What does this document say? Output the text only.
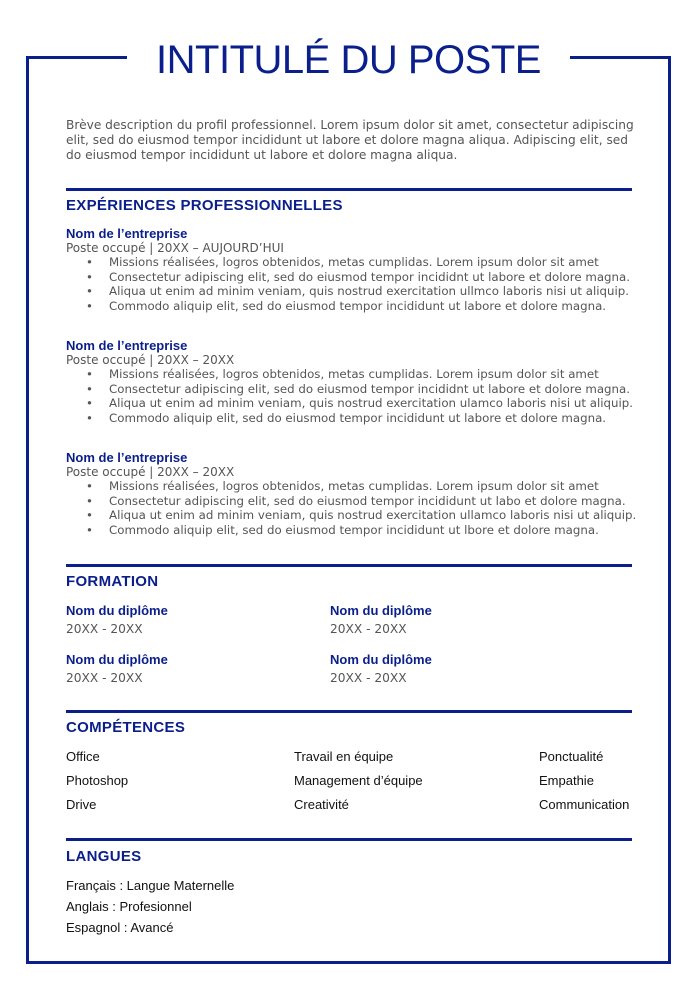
INTITULÉ DU POSTE
Brève description du profil professionnel. Lorem ipsum dolor sit amet, consectetur adipiscing elit, sed do eiusmod tempor incididunt ut labore et dolore magna aliqua. Adipiscing elit, sed do eiusmod tempor incididunt ut labore et dolore magna aliqua.
EXPÉRIENCES PROFESSIONNELLES
Nom de l’entreprise
Poste occupé | 20XX – AUJOURD’HUI
• Missions réalisées, logros obtenidos, metas cumplidas. Lorem ipsum dolor sit amet
• Consectetur adipiscing elit, sed do eiusmod tempor incididnt ut labore et dolore magna.
• Aliqua ut enim ad minim veniam, quis nostrud exercitation ullmco laboris nisi ut aliquip.
• Commodo aliquip elit, sed do eiusmod tempor incididunt ut labore et dolore magna.
Nom de l’entreprise
Poste occupé | 20XX – 20XX
• Missions réalisées, logros obtenidos, metas cumplidas. Lorem ipsum dolor sit amet
• Consectetur adipiscing elit, sed do eiusmod tempor incididnt ut labore et dolore magna.
• Aliqua ut enim ad minim veniam, quis nostrud exercitation ulamco laboris nisi ut aliquip.
• Commodo aliquip elit, sed do eiusmod tempor incididunt ut labore et dolore magna.
Nom de l’entreprise
Poste occupé | 20XX – 20XX
• Missions réalisées, logros obtenidos, metas cumplidas. Lorem ipsum dolor sit amet
• Consectetur adipiscing elit, sed do eiusmod tempor incididunt ut labo et dolore magna.
• Aliqua ut enim ad minim veniam, quis nostrud exercitation ullamco laboris nisi ut aliquip.
• Commodo aliquip elit, sed do eiusmod tempor incididunt ut lbore et dolore magna.
FORMATION
Nom du diplôme
20XX - 20XX
Nom du diplôme
20XX - 20XX
Nom du diplôme
20XX - 20XX
Nom du diplôme
20XX - 20XX
COMPÉTENCES
Office	Travail en équipe	Ponctualité
Photoshop	Management d’équipe	Empathie
Drive	Creativité	Communication
LANGUES
Français : Langue Maternelle
Anglais : Profesionnel
Espagnol : Avancé
